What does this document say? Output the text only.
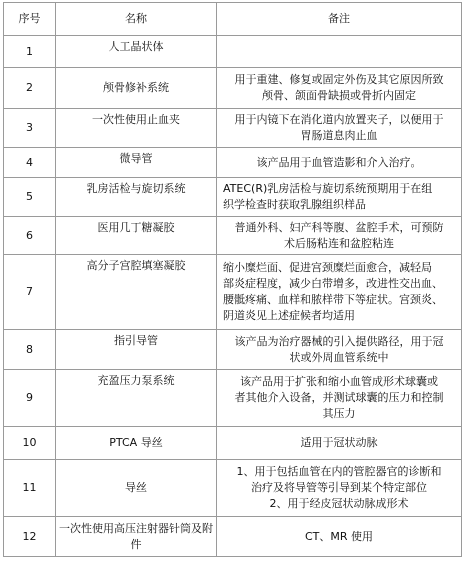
序号	名称	备注
1	人工晶状体	

2	颅骨修补系统	用于重建、修复或固定外伤及其它原因所致
颅骨、颌面骨缺损或骨折内固定

3	一次性使用止血夹	用于内镜下在消化道内放置夹子，以便用于
胃肠道息肉止血

4	微导管	该产品用于血管造影和介入治疗。

5	乳房活检与旋切系统	ATEC(R)乳房活检与旋切系统预期用于在组
织学检查时获取乳腺组织样品

6	医用几丁糖凝胶	普通外科、妇产科等腹、盆腔手术，可预防
术后肠粘连和盆腔粘连

7	高分子宫腔填塞凝胶	缩小糜烂面、促进宫颈糜烂面愈合，减轻局
部炎症程度，减少白带增多，改进性交出血、
腰骶疼痛、血样和脓样带下等症状。宫颈炎、
阴道炎见上述症候者均适用

8	指引导管	该产品为治疗器械的引入提供路径，用于冠
状或外周血管系统中

9	充盈压力泵系统	该产品用于扩张和缩小血管成形术球囊或
者其他介入设备，并测试球囊的压力和控制
其压力

10	PTCA 导丝	适用于冠状动脉

11	导丝	1、用于包括血管在内的管腔器官的诊断和
治疗及将导管等引导到某个特定部位
2、用于经皮冠状动脉成形术

12	一次性使用高压注射器针筒及附件	CT、MR 使用
